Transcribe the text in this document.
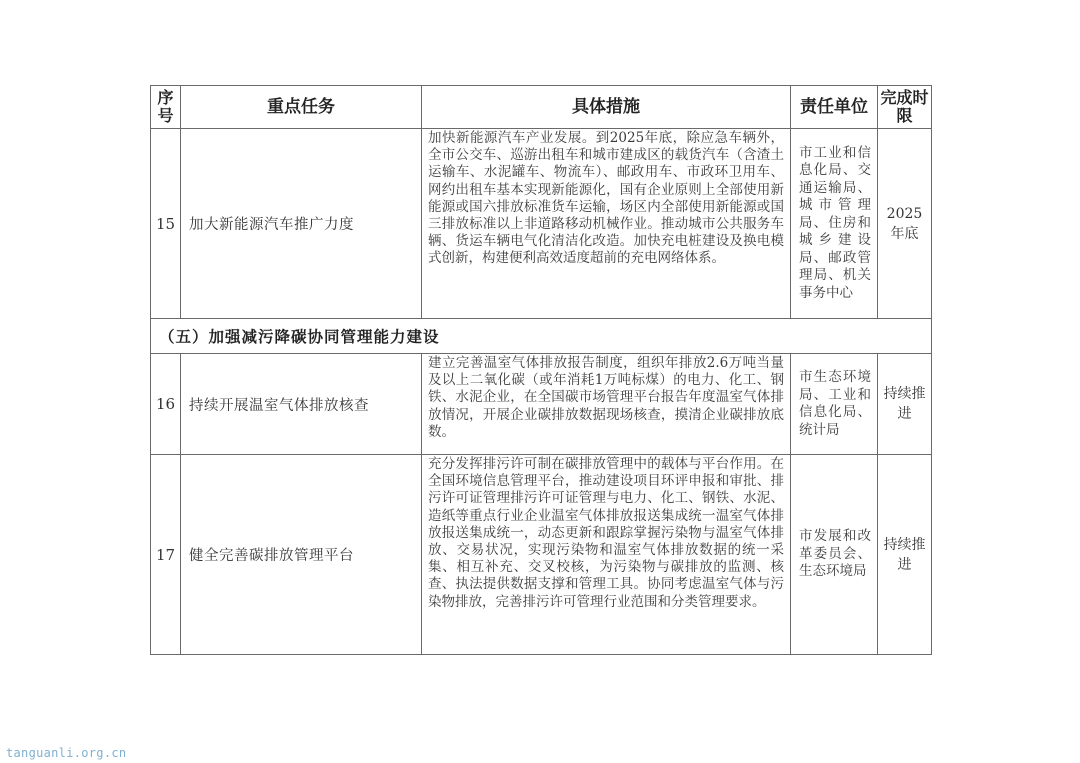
序号	重点任务	具体措施	责任单位	完成时限
15	加大新能源汽车推广力度	加快新能源汽车产业发展。到2025年底，除应急车辆外，全市公交车、巡游出租车和城市建成区的载货汽车（含渣土运输车、水泥罐车、物流车）、邮政用车、市政环卫用车、网约出租车基本实现新能源化，国有企业原则上全部使用新能源或国六排放标准货车运输，场区内全部使用新能源或国三排放标准以上非道路移动机械作业。推动城市公共服务车辆、货运车辆电气化清洁化改造。加快充电桩建设及换电模式创新，构建便利高效适度超前的充电网络体系。	市工业和信息化局、交通运输局、城市管理局、住房和城乡建设局、邮政管理局、机关事务中心	2025年底
（五）加强减污降碳协同管理能力建设				
16	持续开展温室气体排放核查	建立完善温室气体排放报告制度，组织年排放2.6万吨当量及以上二氧化碳（或年消耗1万吨标煤）的电力、化工、钢铁、水泥企业，在全国碳市场管理平台报告年度温室气体排放情况，开展企业碳排放数据现场核查，摸清企业碳排放底数。	市生态环境局、工业和信息化局、统计局	持续推进
17	健全完善碳排放管理平台	充分发挥排污许可制在碳排放管理中的载体与平台作用。在全国环境信息管理平台，推动建设项目环评申报和审批、排污许可证管理排污许可证管理与电力、化工、钢铁、水泥、造纸等重点行业企业温室气体排放报送集成统一温室气体排放报送集成统一，动态更新和跟踪掌握污染物与温室气体排放、交易状况，实现污染物和温室气体排放数据的统一采集、相互补充、交叉校核，为污染物与碳排放的监测、核查、执法提供数据支撑和管理工具。协同考虑温室气体与污染物排放，完善排污许可管理行业范围和分类管理要求。	市发展和改革委员会、生态环境局	持续推进
tanguanli.org.cn
